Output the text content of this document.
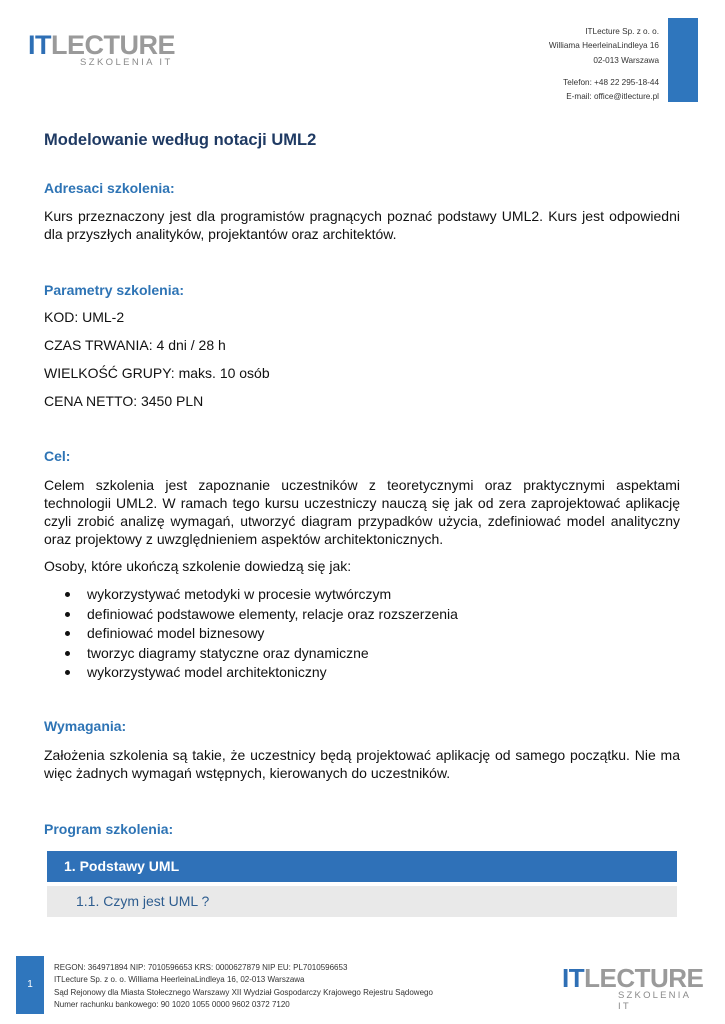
ITLECTURE
SZKOLENIA IT
ITLecture Sp. z o. o.
Williama HeerleinaLindleya 16
02-013 Warszawa
Telefon: +48 22 295-18-44
E-mail: office@itlecture.pl
Modelowanie według notacji UML2
Adresaci szkolenia:
Kurs przeznaczony jest dla programistów pragnących poznać podstawy UML2. Kurs jest odpowiedni dla przyszłych analityków, projektantów oraz architektów.
Parametry szkolenia:
KOD: UML-2
CZAS TRWANIA: 4 dni / 28 h
WIELKOŚĆ GRUPY: maks. 10 osób
CENA NETTO: 3450 PLN
Cel:
Celem szkolenia jest zapoznanie uczestników z teoretycznymi oraz praktycznymi aspektami technologii UML2. W ramach tego kursu uczestniczy nauczą się jak od zera zaprojektować aplikację czyli zrobić analizę wymagań, utworzyć diagram przypadków użycia, zdefiniować model analityczny oraz projektowy z uwzględnieniem aspektów architektonicznych.
Osoby, które ukończą szkolenie dowiedzą się jak:
wykorzystywać metodyki w procesie wytwórczym
definiować podstawowe elementy, relacje oraz rozszerzenia
definiować model biznesowy
tworzyc diagramy statyczne oraz dynamiczne
wykorzystywać model architektoniczny
Wymagania:
Założenia szkolenia są takie, że uczestnicy będą projektować aplikację od samego początku. Nie ma więc żadnych wymagań wstępnych, kierowanych do uczestników.
Program szkolenia:
1. Podstawy UML
1.1. Czym jest UML ?
1
REGON: 364971894 NIP: 7010596653 KRS: 0000627879 NIP EU: PL7010596653
ITLecture Sp. z o. o. Williama HeerleinaLindleya 16, 02-013 Warszawa
Sąd Rejonowy dla Miasta Stołecznego Warszawy XII Wydział Gospodarczy Krajowego Rejestru Sądowego
Numer rachunku bankowego: 90 1020 1055 0000 9602 0372 7120
ITLECTURE
SZKOLENIA IT
